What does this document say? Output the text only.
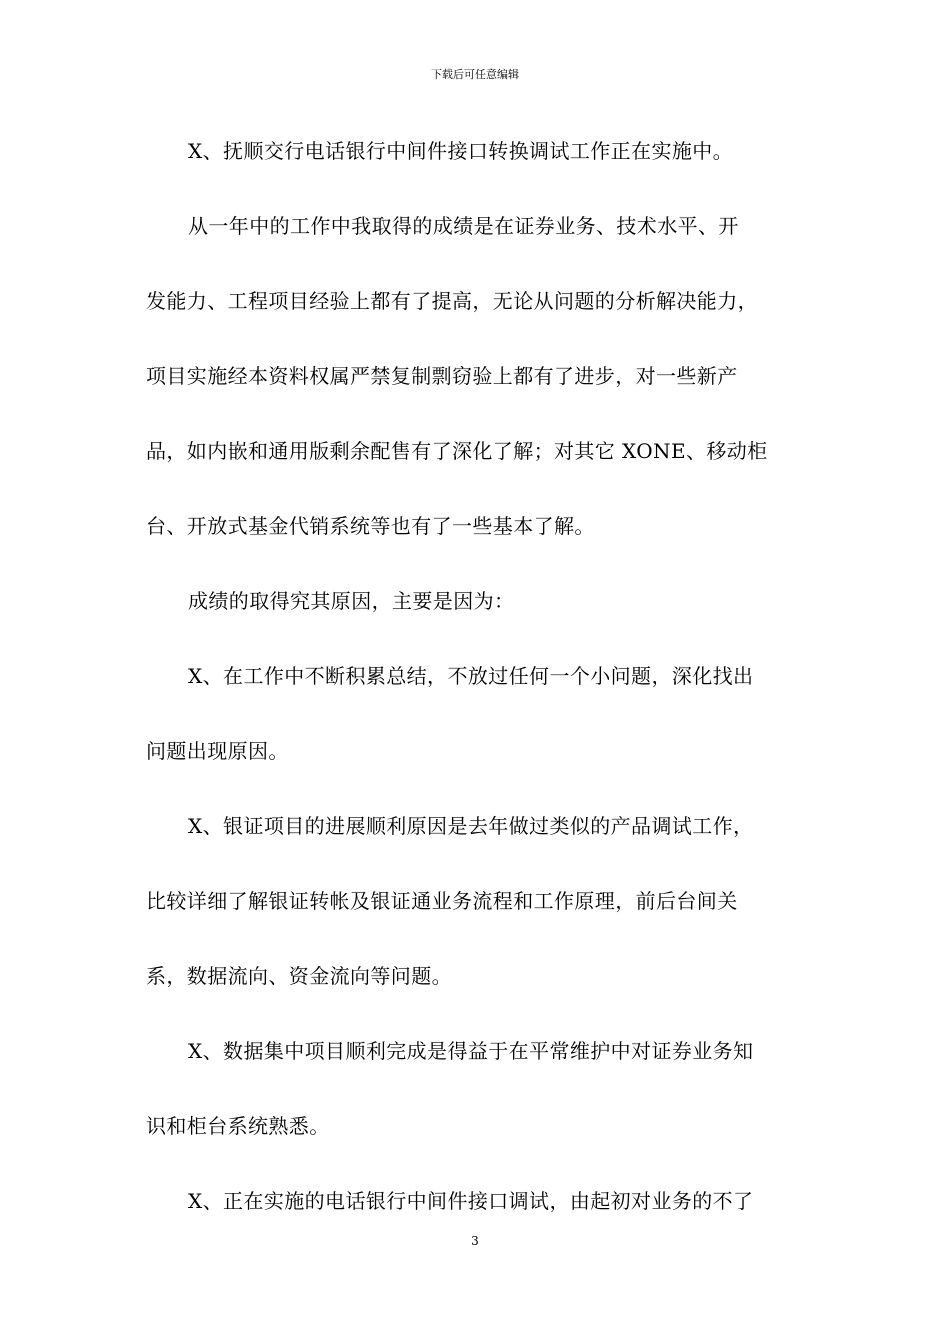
下载后可任意编辑
X、抚顺交行电话银行中间件接口转换调试工作正在实施中。
从一年中的工作中我取得的成绩是在证券业务、技术水平、开
发能力、工程项目经验上都有了提高，无论从问题的分析解决能力，
项目实施经本资料权属严禁复制剽窃验上都有了进步，对一些新产
品，如内嵌和通用版剩余配售有了深化了解；对其它 XONE、移动柜
台、开放式基金代销系统等也有了一些基本了解。
成绩的取得究其原因，主要是因为：
X、在工作中不断积累总结，不放过任何一个小问题，深化找出
问题出现原因。
X、银证项目的进展顺利原因是去年做过类似的产品调试工作，
比较详细了解银证转帐及银证通业务流程和工作原理，前后台间关
系，数据流向、资金流向等问题。
X、数据集中项目顺利完成是得益于在平常维护中对证券业务知
识和柜台系统熟悉。
X、正在实施的电话银行中间件接口调试，由起初对业务的不了
3
